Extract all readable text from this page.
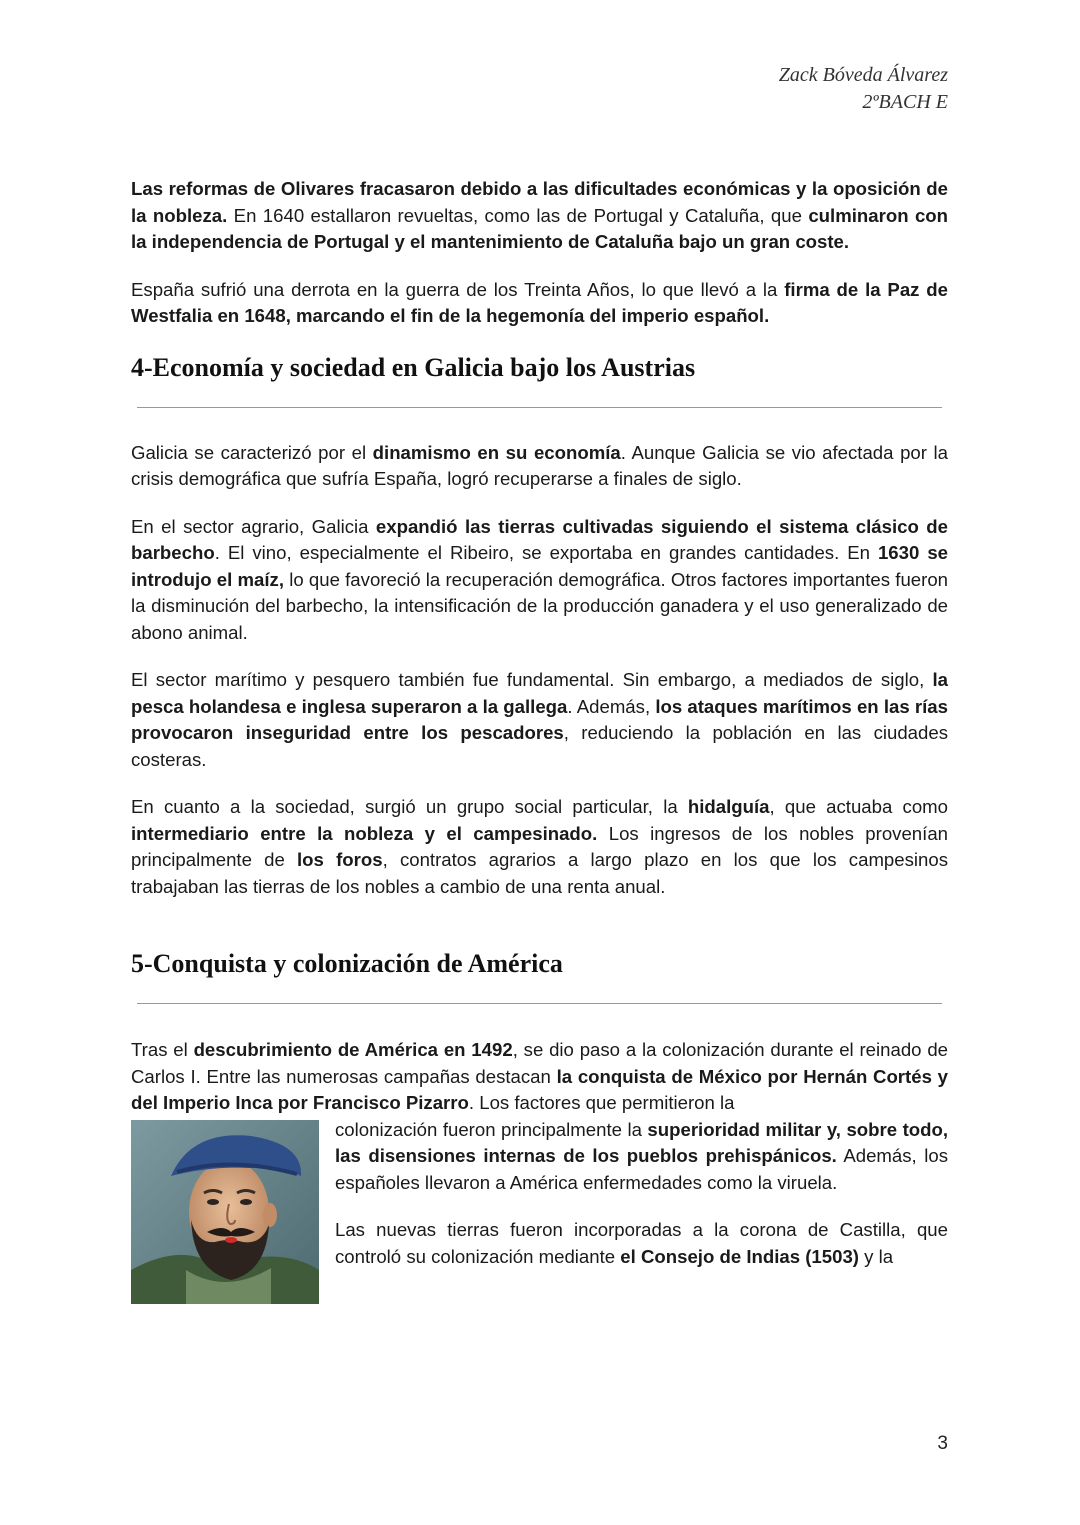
Zack Bóveda Álvarez
2ºBACH E

Las reformas de Olivares fracasaron debido a las dificultades económicas y la oposición de la nobleza. En 1640 estallaron revueltas, como las de Portugal y Cataluña, que culminaron con la independencia de Portugal y el mantenimiento de Cataluña bajo un gran coste.

España sufrió una derrota en la guerra de los Treinta Años, lo que llevó a la firma de la Paz de Westfalia en 1648, marcando el fin de la hegemonía del imperio español.

4-Economía y sociedad en Galicia bajo los Austrias

Galicia se caracterizó por el dinamismo en su economía. Aunque Galicia se vio afectada por la crisis demográfica que sufría España, logró recuperarse a finales de siglo.

En el sector agrario, Galicia expandió las tierras cultivadas siguiendo el sistema clásico de barbecho. El vino, especialmente el Ribeiro, se exportaba en grandes cantidades. En 1630 se introdujo el maíz, lo que favoreció la recuperación demográfica. Otros factores importantes fueron la disminución del barbecho, la intensificación de la producción ganadera y el uso generalizado de abono animal.

El sector marítimo y pesquero también fue fundamental. Sin embargo, a mediados de siglo, la pesca holandesa e inglesa superaron a la gallega. Además, los ataques marítimos en las rías provocaron inseguridad entre los pescadores, reduciendo la población en las ciudades costeras.

En cuanto a la sociedad, surgió un grupo social particular, la hidalguía, que actuaba como intermediario entre la nobleza y el campesinado. Los ingresos de los nobles provenían principalmente de los foros, contratos agrarios a largo plazo en los que los campesinos trabajaban las tierras de los nobles a cambio de una renta anual.

5-Conquista y colonización de América

Tras el descubrimiento de América en 1492, se dio paso a la colonización durante el reinado de Carlos I. Entre las numerosas campañas destacan la conquista de México por Hernán Cortés y del Imperio Inca por Francisco Pizarro. Los factores que permitieron la

colonización fueron principalmente la superioridad militar y, sobre todo, las disensiones internas de los pueblos prehispánicos. Además, los españoles llevaron a América enfermedades como la viruela.

Las nuevas tierras fueron incorporadas a la corona de Castilla, que controló su colonización mediante el Consejo de Indias (1503) y la

3
